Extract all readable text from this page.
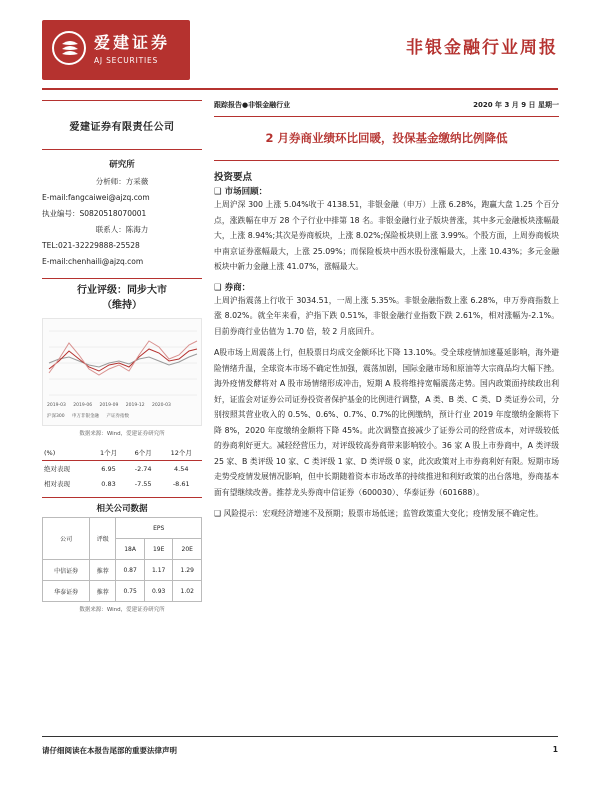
爱建证券
AJ SECURITIES
非银金融行业周报
爱建证券有限责任公司
研究所
分析师：方采薇
E-mail:fangcaiwei@ajzq.com
执业编号：S0820518070001
联系人：陈海力
TEL:021-32229888-25528
E-mail:chenhaili@ajzq.com
行业评级：同步大市
（维持）
2019-03 2019-06 2019-09 2019-12 2020-03
沪深300 申万非银金融 产证券指数
数据来源：Wind，爱建证券研究所
(%)	1个月	6个月	12个月
绝对表现	6.95	-2.74	4.54
相对表现	0.83	-7.55	-8.61
相关公司数据
公司	评级	EPS		
		18A	19E	20E
中信证券	推荐	0.87	1.17	1.29
华泰证券	推荐	0.75	0.93	1.02
数据来源：Wind，爱建证券研究所
跟踪报告●非银金融行业	2020 年 3 月 9 日 星期一
2 月券商业绩环比回暖，投保基金缴纳比例降低
投资要点
❑ 市场回顾：
上周沪深 300 上涨 5.04%收于 4138.51，非银金融（申万）上涨 6.28%，跑赢大盘 1.25 个百分点，涨跌幅在申万 28 个子行业中排第 18 名。非银金融行业子版块普涨，其中多元金融板块涨幅最大，上涨 8.94%;其次是券商板块，上涨 8.02%;保险板块则上涨 3.99%。个股方面，上周券商板块中南京证券涨幅最大，上涨 25.09%；而保险板块中西水股份涨幅最大，上涨 10.43%；多元金融板块中新力金融上涨 41.07%，涨幅最大。
❑ 券商：
上周沪指震荡上行收于 3034.51，一周上涨 5.35%。非银金融指数上涨 6.28%，申万券商指数上涨 8.02%。就全年来看，沪指下跌 0.51%，非银金融行业指数下跌 2.61%，相对涨幅为-2.1%。目前券商行业估值为 1.70 倍，较 2 月底回升。
A股市场上周震荡上行，但股票日均成交金额环比下降 13.10%。受全球疫情加速蔓延影响，海外避险情绪升温，全球资本市场不确定性加强，震荡加剧，国际金融市场和原油等大宗商品均大幅下挫。海外疫情发酵将对 A 股市场情绪形成冲击，短期 A 股将维持宽幅震荡走势。国内政策面持续政出利好，证监会对证券公司证券投资者保护基金的比例进行调整，A 类、B 类、C 类、D 类证券公司，分别按照其营业收入的 0.5%、0.6%、0.7%、0.7%的比例缴纳，预计行业 2019 年度缴纳金额将下降 8%，2020 年度缴纳金额将下降 45%。此次调整直接减少了证券公司的经营成本，对评级较低的券商利好更大。减轻经营压力，对评级较高券商带来影响较小。36 家 A 股上市券商中，A 类评级 25 家、B 类评级 10 家、C 类评级 1 家、D 类评级 0 家，此次政策对上市券商利好有限。短期市场走势受疫情发展情况影响，但中长期随着资本市场改革的持续推进和利好政策的出台落地，券商基本面有望继续改善。推荐龙头券商中信证券（600030）、华泰证券（601688）。
❑ 风险提示：宏观经济增速不及预期；股票市场低迷；监管政策重大变化；疫情发展不确定性。
请仔细阅读在本报告尾部的重要法律声明	1
